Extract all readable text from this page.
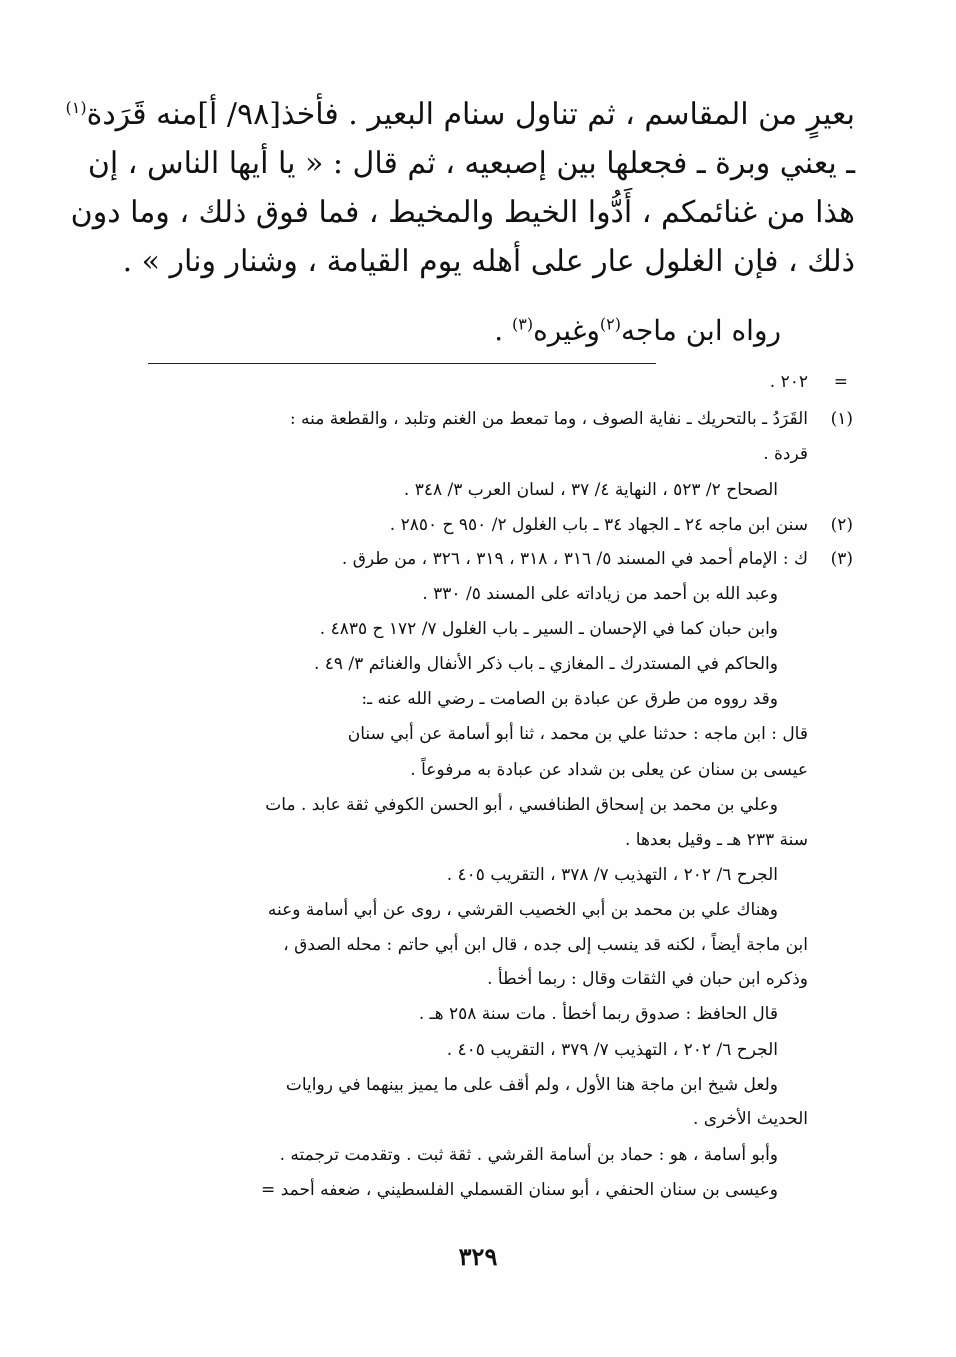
بعيرٍ من المقاسم ، ثم تناول سنام البعير . فأخذ[٩٨/ أ]منه قَرَدة$^{(١)}$
ـ يعني وبرة ـ فجعلها بين إصبعيه ، ثم قال : « يا أيها الناس ، إن
هذا من غنائمكم ، أَدُّوا الخيط والمخيط ، فما فوق ذلك ، وما دون
ذلك ، فإن الغلول عار على أهله يوم القيامة ، وشنار ونار » .
رواه ابن ماجه$^{(٢)}$وغيره$^{(٣)}$ .
=
٢٠٢ .
(١)
القَرَدُ ـ بالتحريك ـ نفاية الصوف ، وما تمعط من الغنم وتلبد ، والقطعة منه :
قردة .
الصحاح ٢/ ٥٢٣ ، النهاية ٤/ ٣٧ ، لسان العرب ٣/ ٣٤٨ .
(٢)
سنن ابن ماجه ٢٤ ـ الجهاد ٣٤ ـ باب الغلول ٢/ ٩٥٠ ح ٢٨٥٠ .
(٣)
ك : الإمام أحمد في المسند ٥/ ٣١٦ ، ٣١٨ ، ٣١٩ ، ٣٢٦ ، من طرق .
وعبد الله بن أحمد من زياداته على المسند ٥/ ٣٣٠ .
وابن حبان كما في الإحسان ـ السير ـ باب الغلول ٧/ ١٧٢ ح ٤٨٣٥ .
والحاكم في المستدرك ـ المغازي ـ باب ذكر الأنفال والغنائم ٣/ ٤٩ .
وقد رووه من طرق عن عبادة بن الصامت ـ رضي الله عنه ـ:
قال : ابن ماجه : حدثنا علي بن محمد ، ثنا أبو أسامة عن أبي سنان
عيسى بن سنان عن يعلى بن شداد عن عبادة به مرفوعاً .
وعلي بن محمد بن إسحاق الطنافسي ، أبو الحسن الكوفي ثقة عابد . مات
سنة ٢٣٣ هـ ـ وقيل بعدها .
الجرح ٦/ ٢٠٢ ، التهذيب ٧/ ٣٧٨ ، التقريب ٤٠٥ .
وهناك علي بن محمد بن أبي الخصيب القرشي ، روى عن أبي أسامة وعنه
ابن ماجة أيضاً ، لكنه قد ينسب إلى جده ، قال ابن أبي حاتم : محله الصدق ،
وذكره ابن حبان في الثقات وقال : ربما أخطأ .
قال الحافظ : صدوق ربما أخطأ . مات سنة ٢٥٨ هـ .
الجرح ٦/ ٢٠٢ ، التهذيب ٧/ ٣٧٩ ، التقريب ٤٠٥ .
ولعل شيخ ابن ماجة هنا الأول ، ولم أقف على ما يميز بينهما في روايات
الحديث الأخرى .
وأبو أسامة ، هو : حماد بن أسامة القرشي . ثقة ثبت . وتقدمت ترجمته .
وعيسى بن سنان الحنفي ، أبو سنان القسملي الفلسطيني ، ضعفه أحمد =
٣٢٩
